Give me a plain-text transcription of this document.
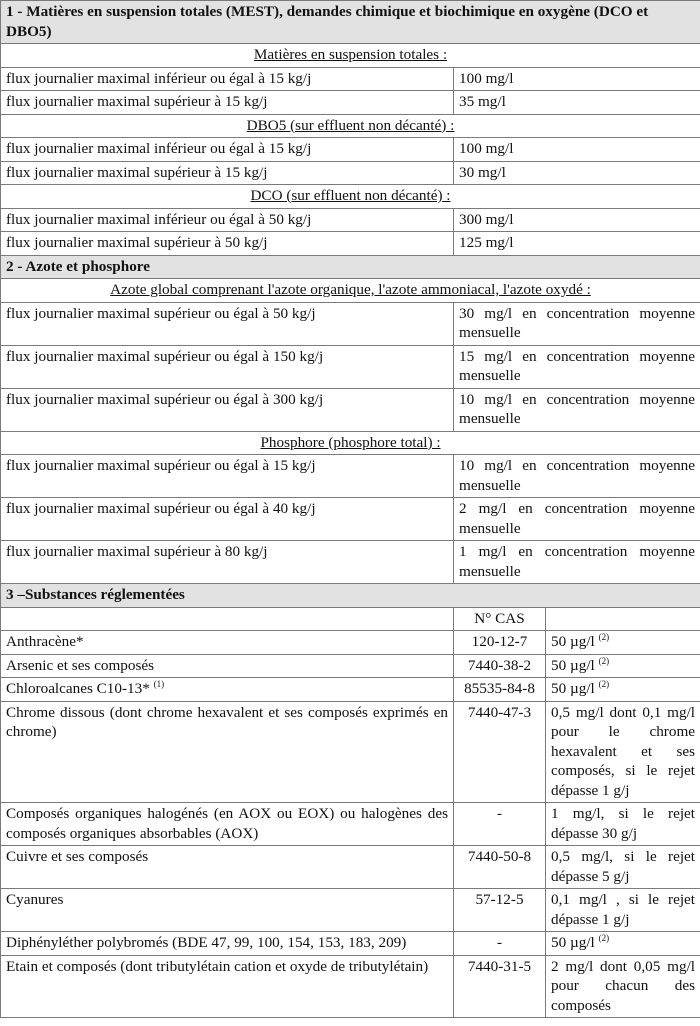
1 - Matières en suspension totales (MEST), demandes chimique et biochimique en oxygène (DCO et DBO5)		
Matières en suspension totales :		
flux journalier maximal inférieur ou égal à 15 kg/j	100 mg/l	
flux journalier maximal supérieur à 15 kg/j	35 mg/l	
DBO5 (sur effluent non décanté) :		
flux journalier maximal inférieur ou égal à 15 kg/j	100 mg/l	
flux journalier maximal supérieur à 15 kg/j	30 mg/l	
DCO (sur effluent non décanté) :		
flux journalier maximal inférieur ou égal à 50 kg/j	300 mg/l	
flux journalier maximal supérieur à 50 kg/j	125 mg/l	
2 - Azote et phosphore		
Azote global comprenant l'azote organique, l'azote ammoniacal, l'azote oxydé :		
flux journalier maximal supérieur ou égal à 50 kg/j	30 mg/l en concentration moyenne mensuelle	
flux journalier maximal supérieur ou égal à 150 kg/j	15 mg/l en concentration moyenne mensuelle	
flux journalier maximal supérieur ou égal à 300 kg/j	10 mg/l en concentration moyenne mensuelle	
Phosphore (phosphore total) :		
flux journalier maximal supérieur ou égal à 15 kg/j	10 mg/l en concentration moyenne mensuelle	
flux journalier maximal supérieur ou égal à 40 kg/j	2 mg/l en concentration moyenne mensuelle	
flux journalier maximal supérieur à 80 kg/j	1 mg/l en concentration moyenne mensuelle	
3 –Substances réglementées		
	N° CAS	
Anthracène*	120-12-7	50 µg/l $^{(2)}$
Arsenic et ses composés	7440-38-2	50 µg/l $^{(2)}$
Chloroalcanes C10-13* $^{(1)}$	85535-84-8	50 µg/l $^{(2)}$
Chrome dissous (dont chrome hexavalent et ses composés exprimés en chrome)	7440-47-3	0,5 mg/l dont 0,1 mg/l pour le chrome hexavalent et ses composés, si le rejet dépasse 1 g/j
Composés organiques halogénés (en AOX ou EOX) ou halogènes des composés organiques absorbables (AOX)	-	1 mg/l, si le rejet dépasse 30 g/j
Cuivre et ses composés	7440-50-8	0,5 mg/l, si le rejet dépasse 5 g/j
Cyanures	57-12-5	0,1 mg/l , si le rejet dépasse 1 g/j
Diphényléther polybromés (BDE 47, 99, 100, 154, 153, 183, 209)	-	50 µg/l $^{(2)}$
Etain et composés (dont tributylétain cation et oxyde de tributylétain)	7440-31-5	2 mg/l dont 0,05 mg/l pour chacun des composés
